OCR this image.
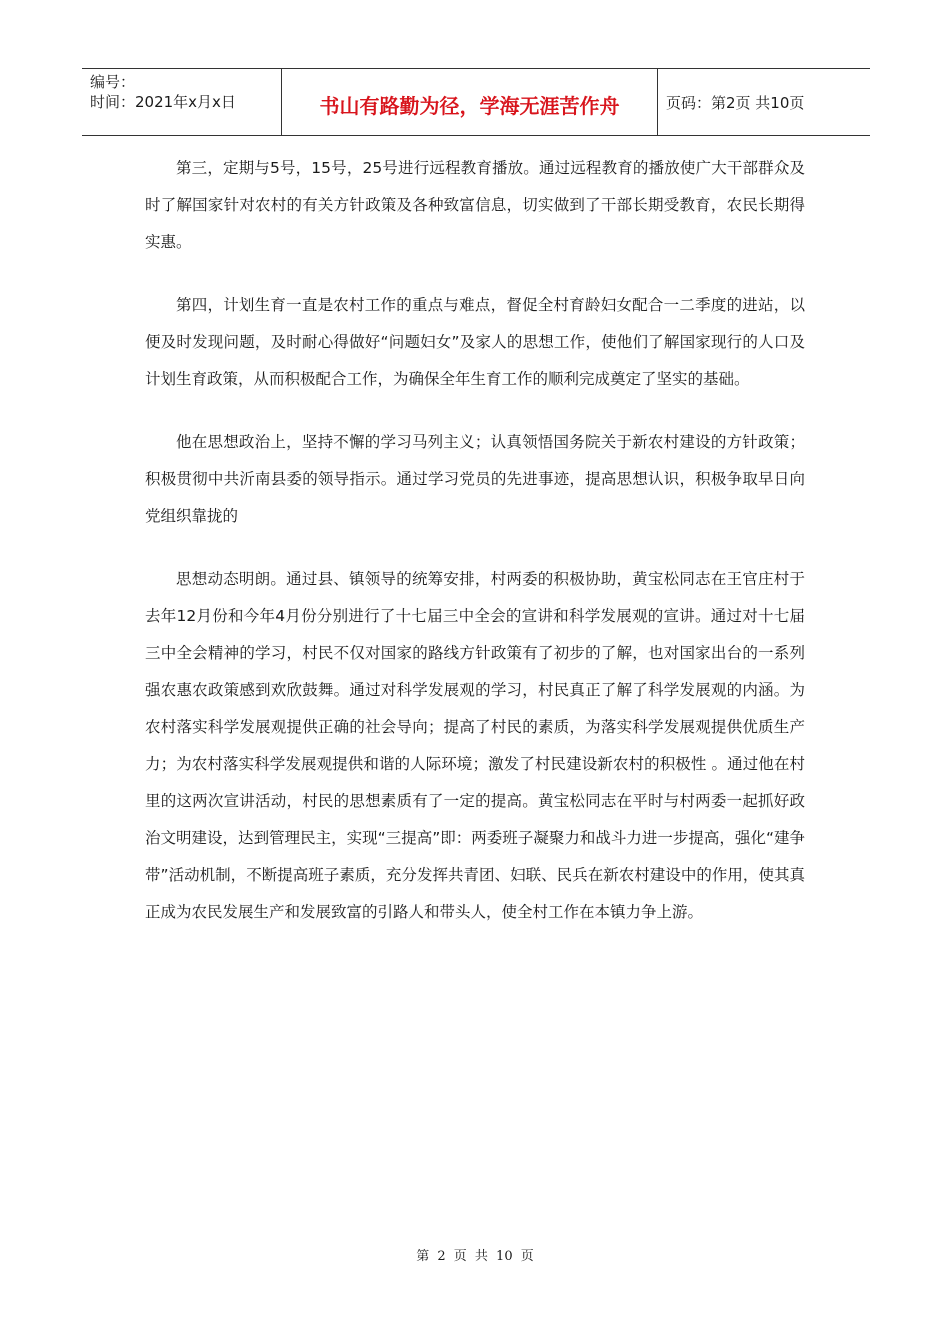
编号：
时间：2021年x月x日	书山有路勤为径，学海无涯苦作舟	页码：第2页 共10页

第三，定期与5号，15号，25号进行远程教育播放。通过远程教育的播放使广大干部群众及时了解国家针对农村的有关方针政策及各种致富信息，切实做到了干部长期受教育，农民长期得实惠。

第四，计划生育一直是农村工作的重点与难点，督促全村育龄妇女配合一二季度的进站，以便及时发现问题，及时耐心得做好“问题妇女”及家人的思想工作，使他们了解国家现行的人口及计划生育政策，从而积极配合工作，为确保全年生育工作的顺利完成奠定了坚实的基础。

他在思想政治上，坚持不懈的学习马列主义；认真领悟国务院关于新农村建设的方针政策；积极贯彻中共沂南县委的领导指示。通过学习党员的先进事迹，提高思想认识，积极争取早日向党组织靠拢的

思想动态明朗。通过县、镇领导的统筹安排，村两委的积极协助，黄宝松同志在王官庄村于去年12月份和今年4月份分别进行了十七届三中全会的宣讲和科学发展观的宣讲。通过对十七届三中全会精神的学习，村民不仅对国家的路线方针政策有了初步的了解，也对国家出台的一系列强农惠农政策感到欢欣鼓舞。通过对科学发展观的学习，村民真正了解了科学发展观的内涵。为农村落实科学发展观提供正确的社会导向；提高了村民的素质，为落实科学发展观提供优质生产力；为农村落实科学发展观提供和谐的人际环境；激发了村民建设新农村的积极性 。通过他在村里的这两次宣讲活动，村民的思想素质有了一定的提高。黄宝松同志在平时与村两委一起抓好政治文明建设，达到管理民主，实现“三提高”即：两委班子凝聚力和战斗力进一步提高，强化“建争带”活动机制，不断提高班子素质，充分发挥共青团、妇联、民兵在新农村建设中的作用，使其真正成为农民发展生产和发展致富的引路人和带头人，使全村工作在本镇力争上游。

第 2 页 共 10 页
